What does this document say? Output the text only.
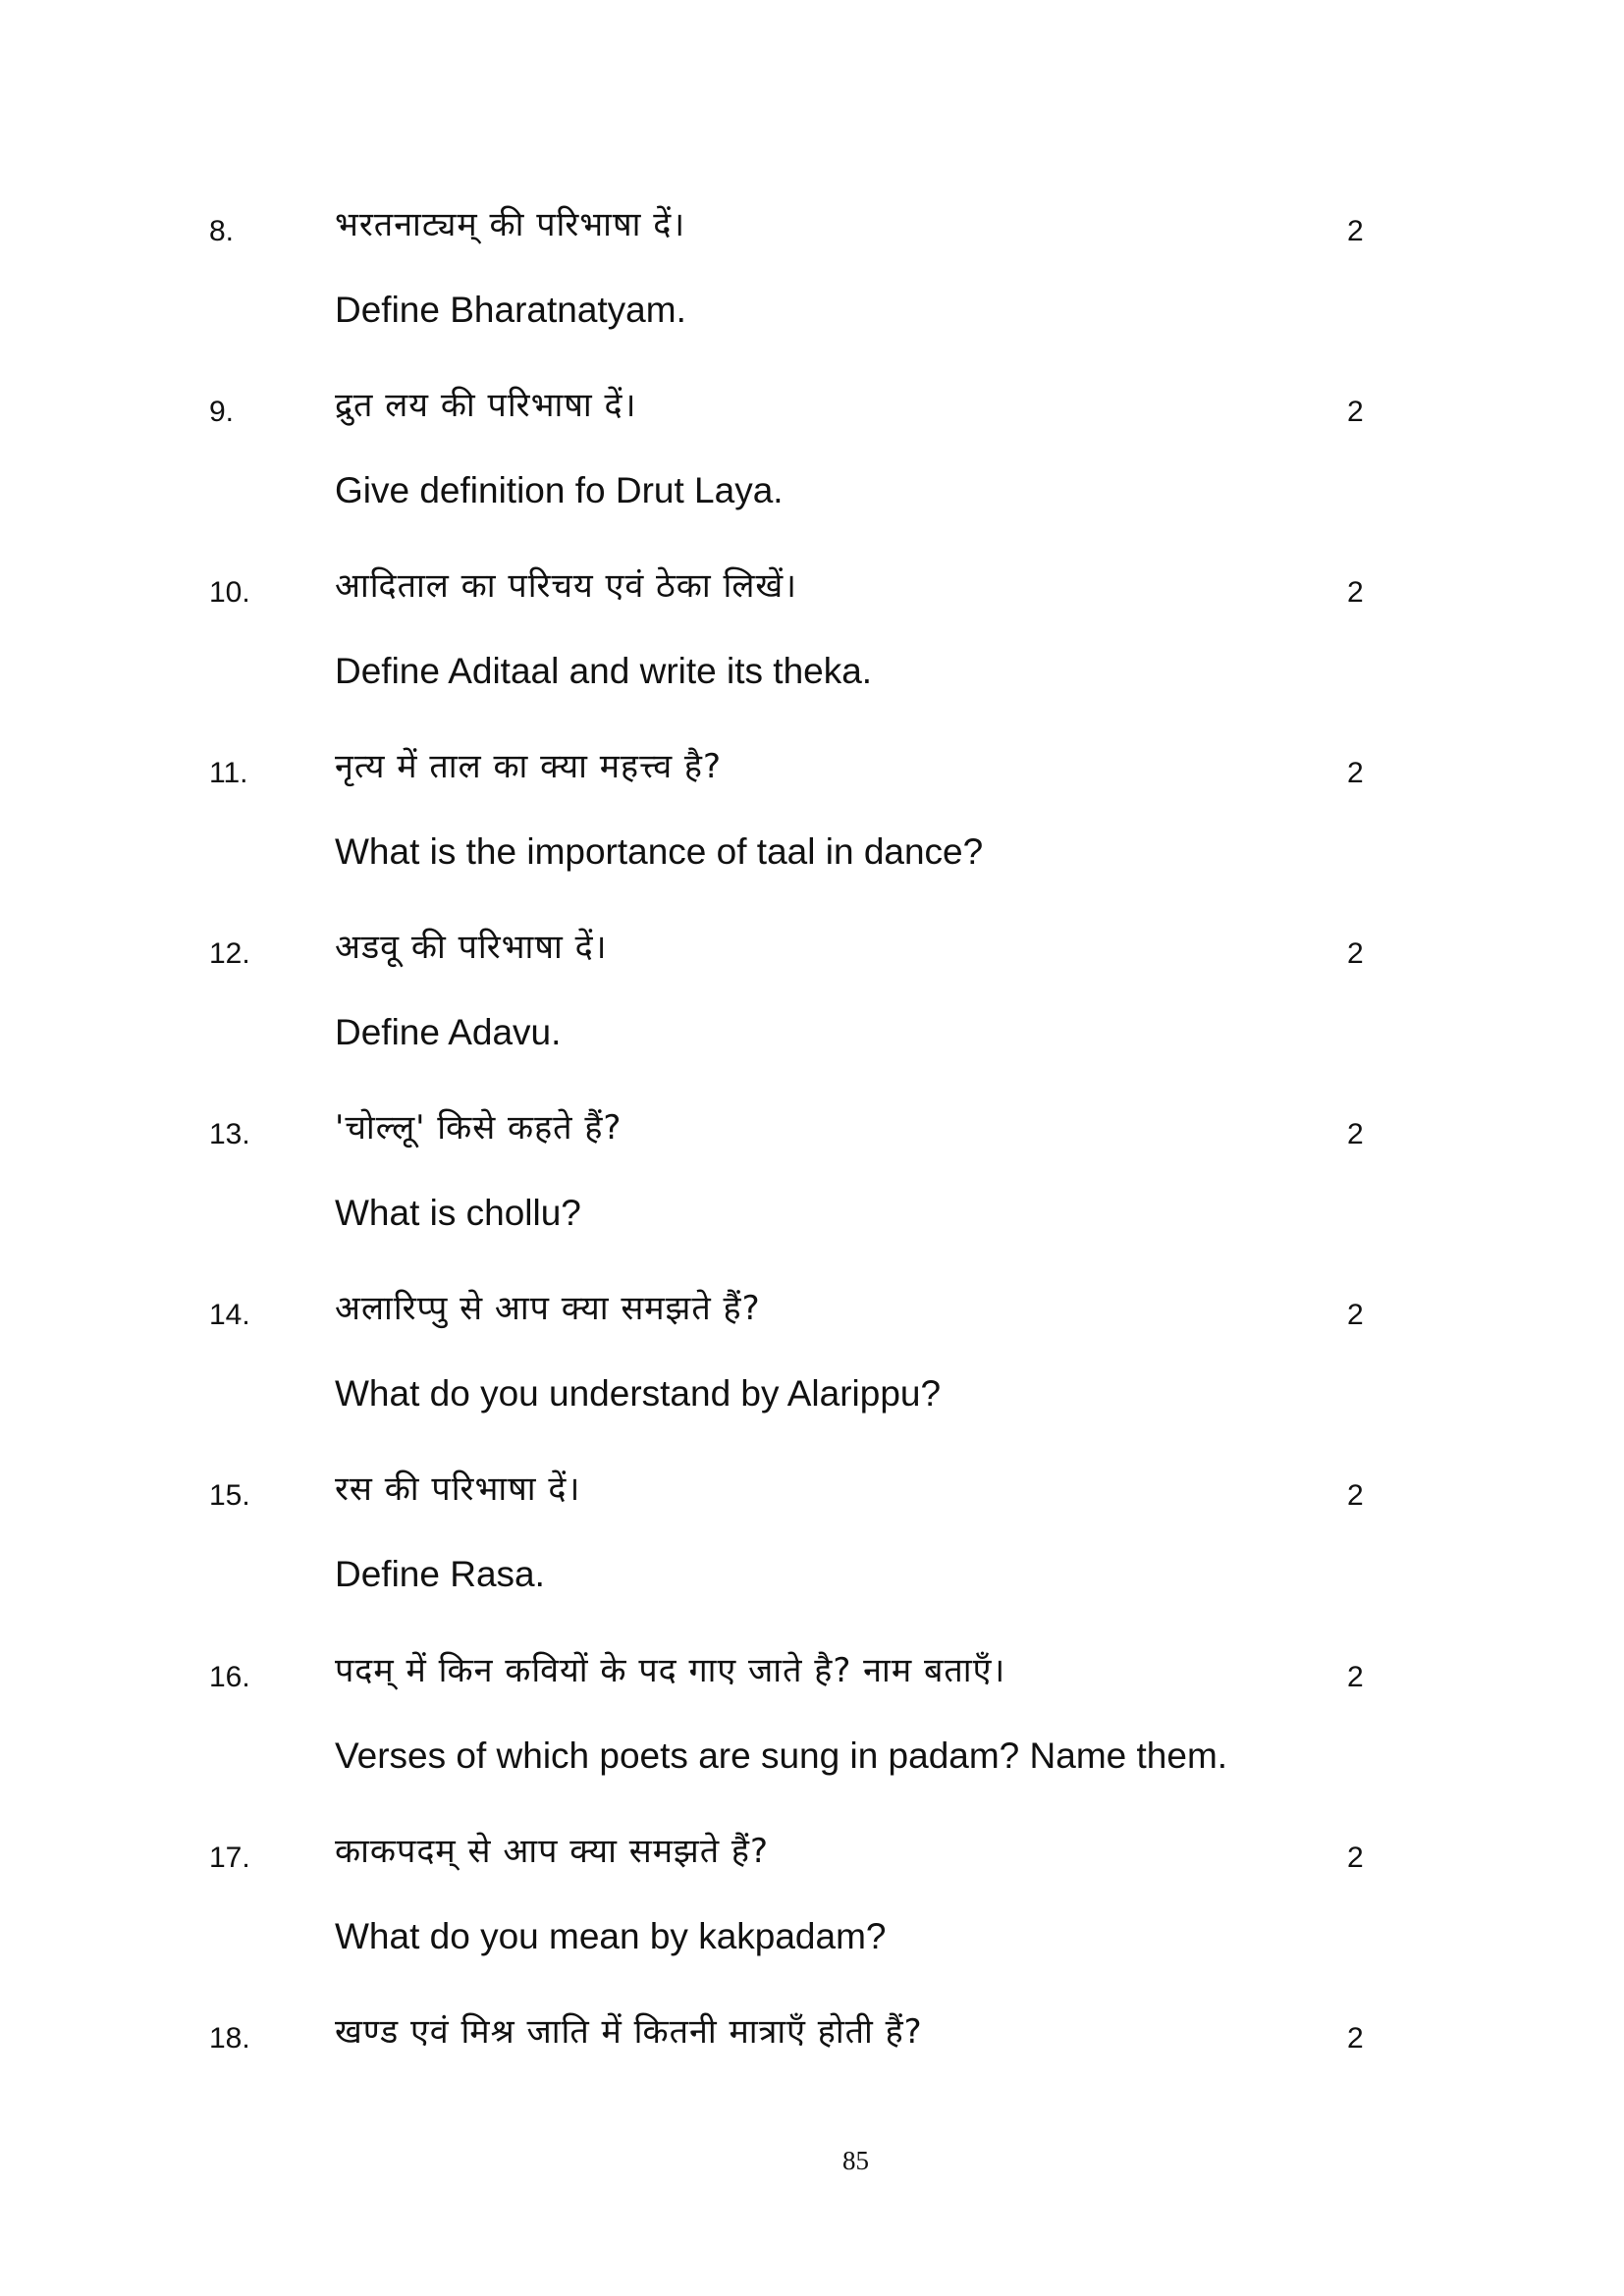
8.	भरतनाट्यम् की परिभाषा दें।	2
Define Bharatnatyam.
9.	द्रुत लय की परिभाषा दें।	2
Give definition fo Drut Laya.
10.	आदिताल का परिचय एवं ठेका लिखें।	2
Define Aditaal and write its theka.
11.	नृत्य में ताल का क्या महत्त्व है?	2
What is the importance of taal in dance?
12.	अडवू की परिभाषा दें।	2
Define Adavu.
13.	'चोल्लू' किसे कहते हैं?	2
What is chollu?
14.	अलारिप्पु से आप क्या समझते हैं?	2
What do you understand by Alarippu?
15.	रस की परिभाषा दें।	2
Define Rasa.
16.	पदम् में किन कवियों के पद गाए जाते है? नाम बताएँ।	2
Verses of which poets are sung in padam? Name them.
17.	काकपदम् से आप क्या समझते हैं?	2
What do you mean by kakpadam?
18.	खण्ड एवं मिश्र जाति में कितनी मात्राएँ होती हैं?	2
85
